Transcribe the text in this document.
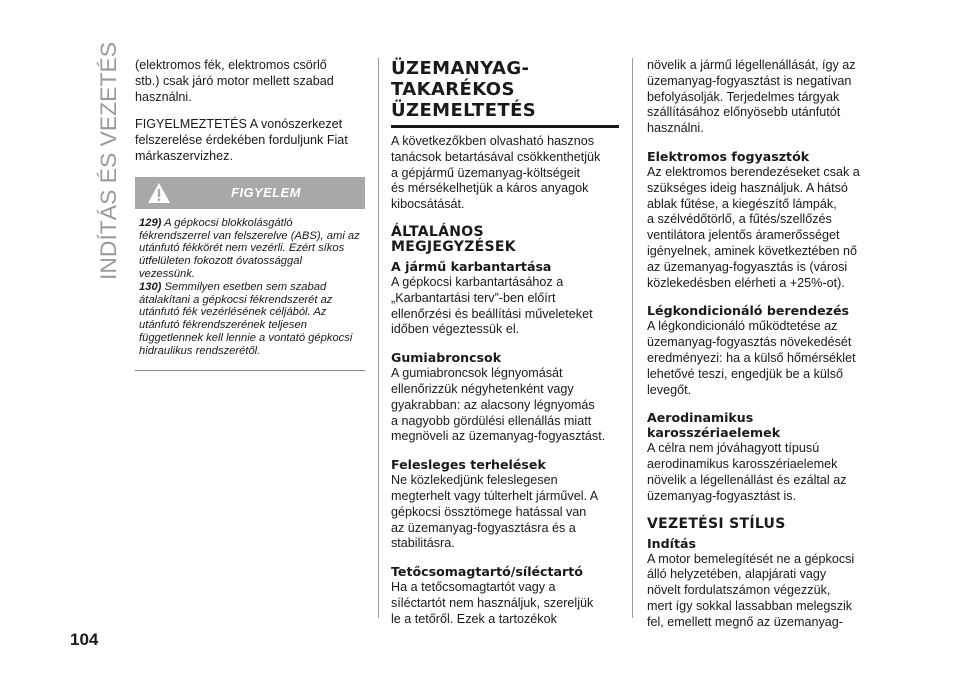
INDÍTÁS ÉS VEZETÉS
104

(elektromos fék, elektromos csörlő
stb.) csak járó motor mellett szabad
használni.

FIGYELMEZTETÉS A vonószerkezet
felszerelése érdekében forduljunk Fiat
márkaszervizhez.

FIGYELEM
129) A gépkocsi blokkolásgátló fékrendszerrel van felszerelve (ABS), ami az utánfutó fékkörét nem vezérli. Ezért síkos útfelületen fokozott óvatossággal vezessünk.
130) Semmilyen esetben sem szabad átalakítani a gépkocsi fékrendszerét az utánfutó fék vezérlésének céljából. Az utánfutó fékrendszerének teljesen függetlennek kell lennie a vontató gépkocsi hidraulikus rendszerétől.
ÜZEMANYAG-
TAKARÉKOS
ÜZEMELTETÉS

A következőkben olvasható hasznos
tanácsok betartásával csökkenthetjük
a gépjármű üzemanyag-költségeit
és mérsékelhetjük a káros anyagok
kibocsátását.

ÁLTALÁNOS
MEGJEGYZÉSEK
A jármű karbantartása

A gépkocsi karbantartásához a
„Karbantartási terv”-ben előírt
ellenőrzési és beállítási műveleteket
időben végeztessük el.

Gumiabroncsok

A gumiabroncsok légnyomását
ellenőrizzük négyhetenként vagy
gyakrabban: az alacsony légnyomás
a nagyobb gördülési ellenállás miatt
megnöveli az üzemanyag-fogyasztást.

Felesleges terhelések

Ne közlekedjünk feleslegesen
megterhelt vagy túlterhelt járművel. A
gépkocsi össztömege hatással van
az üzemanyag-fogyasztásra és a
stabilitásra.

Tetőcsomagtartó/síléctartó

Ha a tetőcsomagtartót vagy a
síléctartót nem használjuk, szereljük
le a tetőről. Ezek a tartozékok

növelik a jármű légellenállását, így az
üzemanyag-fogyasztást is negatívan
befolyásolják. Terjedelmes tárgyak
szállításához előnyösebb utánfutót
használni.

Elektromos fogyasztók

Az elektromos berendezéseket csak a
szükséges ideig használjuk. A hátsó
ablak fűtése, a kiegészítő lámpák,
a szélvédőtörlő, a fűtés/szellőzés
ventilátora jelentős áramerősséget
igényelnek, aminek következtében nő
az üzemanyag-fogyasztás is (városi
közlekedésben elérheti a +25%-ot).

Légkondicionáló berendezés

A légkondicionáló működtetése az
üzemanyag-fogyasztás növekedését
eredményezi: ha a külső hőmérséklet
lehetővé teszi, engedjük be a külső
levegőt.

Aerodinamikus karosszériaelemek

A célra nem jóváhagyott típusú
aerodinamikus karosszériaelemek
növelik a légellenállást és ezáltal az
üzemanyag-fogyasztást is.

VEZETÉSI STÍLUS
Indítás

A motor bemelegítését ne a gépkocsi
álló helyzetében, alapjárati vagy
növelt fordulatszámon végezzük,
mert így sokkal lassabban melegszik
fel, emellett megnő az üzemanyag-
